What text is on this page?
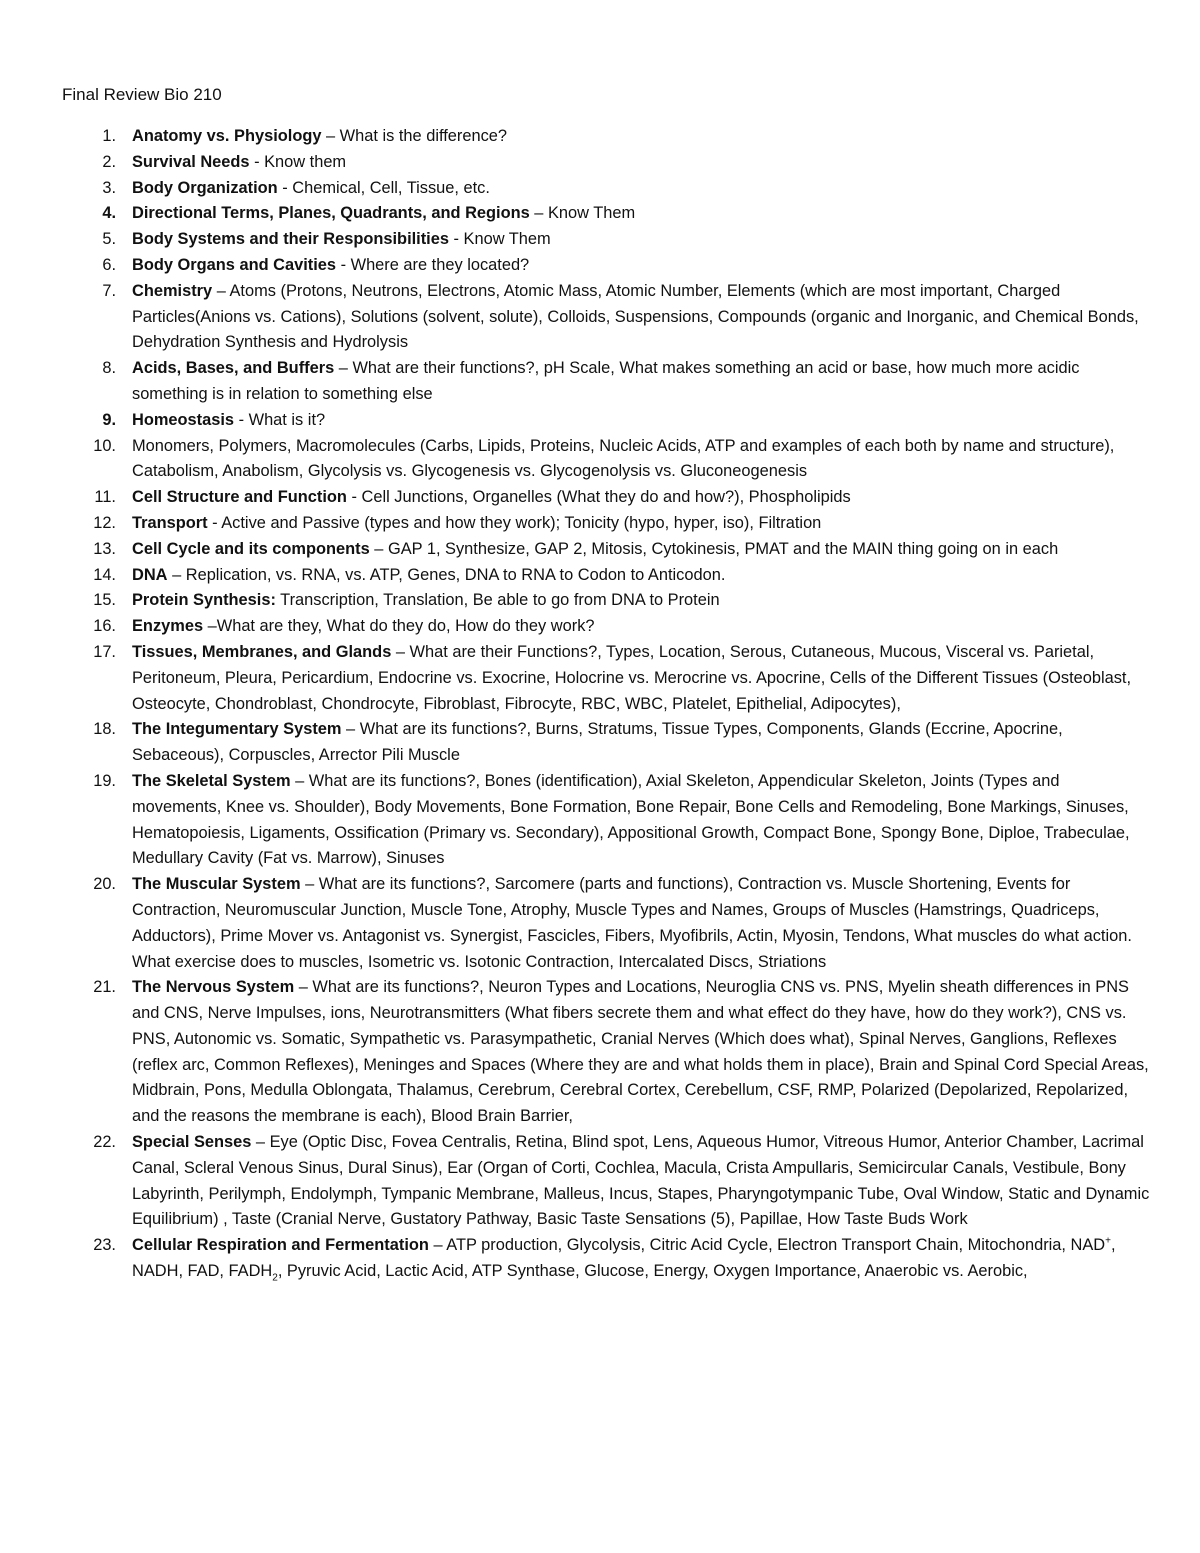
Final Review Bio 210
1. Anatomy vs. Physiology – What is the difference?
2. Survival Needs - Know them
3. Body Organization - Chemical, Cell, Tissue, etc.
4. Directional Terms, Planes, Quadrants, and Regions – Know Them
5. Body Systems and their Responsibilities - Know Them
6. Body Organs and Cavities - Where are they located?
7. Chemistry – Atoms (Protons, Neutrons, Electrons, Atomic Mass, Atomic Number, Elements (which are most important, Charged Particles(Anions vs. Cations), Solutions (solvent, solute), Colloids, Suspensions, Compounds (organic and Inorganic, and Chemical Bonds, Dehydration Synthesis and Hydrolysis
8. Acids, Bases, and Buffers – What are their functions?, pH Scale, What makes something an acid or base, how much more acidic something is in relation to something else
9. Homeostasis - What is it?
10. Monomers, Polymers, Macromolecules (Carbs, Lipids, Proteins, Nucleic Acids, ATP and examples of each both by name and structure), Catabolism, Anabolism, Glycolysis vs. Glycogenesis vs. Glycogenolysis vs. Gluconeogenesis
11. Cell Structure and Function - Cell Junctions, Organelles (What they do and how?), Phospholipids
12. Transport - Active and Passive (types and how they work); Tonicity (hypo, hyper, iso), Filtration
13. Cell Cycle and its components – GAP 1, Synthesize, GAP 2, Mitosis, Cytokinesis, PMAT and the MAIN thing going on in each
14. DNA – Replication, vs. RNA, vs. ATP, Genes, DNA to RNA to Codon to Anticodon.
15. Protein Synthesis: Transcription, Translation, Be able to go from DNA to Protein
16. Enzymes –What are they, What do they do, How do they work?
17. Tissues, Membranes, and Glands – What are their Functions?, Types, Location, Serous, Cutaneous, Mucous, Visceral vs. Parietal, Peritoneum, Pleura, Pericardium, Endocrine vs. Exocrine, Holocrine vs. Merocrine vs. Apocrine, Cells of the Different Tissues (Osteoblast, Osteocyte, Chondroblast, Chondrocyte, Fibroblast, Fibrocyte, RBC, WBC, Platelet, Epithelial, Adipocytes),
18. The Integumentary System – What are its functions?, Burns, Stratums, Tissue Types, Components, Glands (Eccrine, Apocrine, Sebaceous), Corpuscles, Arrector Pili Muscle
19. The Skeletal System – What are its functions?, Bones (identification), Axial Skeleton, Appendicular Skeleton, Joints (Types and movements, Knee vs. Shoulder), Body Movements, Bone Formation, Bone Repair, Bone Cells and Remodeling, Bone Markings, Sinuses, Hematopoiesis, Ligaments, Ossification (Primary vs. Secondary), Appositional Growth, Compact Bone, Spongy Bone, Diploe, Trabeculae, Medullary Cavity (Fat vs. Marrow), Sinuses
20. The Muscular System – What are its functions?, Sarcomere (parts and functions), Contraction vs. Muscle Shortening, Events for Contraction, Neuromuscular Junction, Muscle Tone, Atrophy, Muscle Types and Names, Groups of Muscles (Hamstrings, Quadriceps, Adductors), Prime Mover vs. Antagonist vs. Synergist, Fascicles, Fibers, Myofibrils, Actin, Myosin, Tendons, What muscles do what action. What exercise does to muscles, Isometric vs. Isotonic Contraction, Intercalated Discs, Striations
21. The Nervous System – What are its functions?, Neuron Types and Locations, Neuroglia CNS vs. PNS, Myelin sheath differences in PNS and CNS, Nerve Impulses, ions, Neurotransmitters (What fibers secrete them and what effect do they have, how do they work?), CNS vs. PNS, Autonomic vs. Somatic, Sympathetic vs. Parasympathetic, Cranial Nerves (Which does what), Spinal Nerves, Ganglions, Reflexes (reflex arc, Common Reflexes), Meninges and Spaces (Where they are and what holds them in place), Brain and Spinal Cord Special Areas, Midbrain, Pons, Medulla Oblongata, Thalamus, Cerebrum, Cerebral Cortex, Cerebellum, CSF, RMP, Polarized (Depolarized, Repolarized, and the reasons the membrane is each), Blood Brain Barrier,
22. Special Senses – Eye (Optic Disc, Fovea Centralis, Retina, Blind spot, Lens, Aqueous Humor, Vitreous Humor, Anterior Chamber, Lacrimal Canal, Scleral Venous Sinus, Dural Sinus), Ear (Organ of Corti, Cochlea, Macula, Crista Ampullaris, Semicircular Canals, Vestibule, Bony Labyrinth, Perilymph, Endolymph, Tympanic Membrane, Malleus, Incus, Stapes, Pharyngotympanic Tube, Oval Window, Static and Dynamic Equilibrium) , Taste (Cranial Nerve, Gustatory Pathway, Basic Taste Sensations (5), Papillae, How Taste Buds Work
23. Cellular Respiration and Fermentation – ATP production, Glycolysis, Citric Acid Cycle, Electron Transport Chain, Mitochondria, NAD+, NADH, FAD, $FADH_2$, Pyruvic Acid, Lactic Acid, ATP Synthase, Glucose, Energy, Oxygen Importance, Anaerobic vs. Aerobic,
